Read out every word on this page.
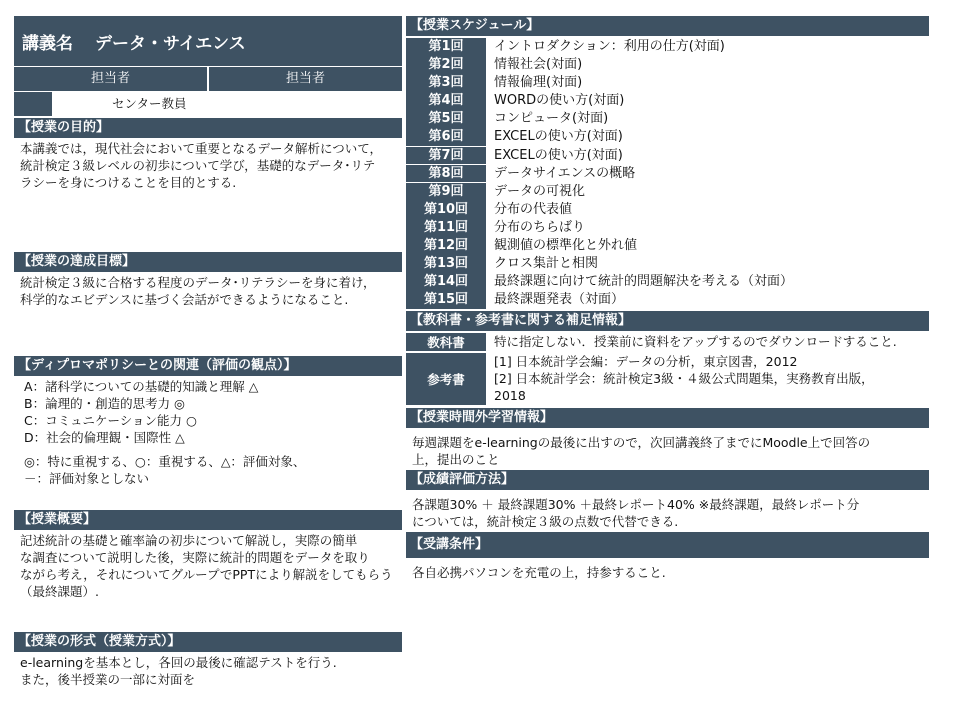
講義名 データ・サイエンス
担当者	担当者
センター教員
【授業の目的】
本講義では，現代社会において重要となるデータ解析について，
統計検定３級レベルの初歩について学び，基礎的なデータ･リテ
ラシーを身につけることを目的とする.
【授業の達成目標】
統計検定３級に合格する程度のデータ･リテラシーを身に着け，
科学的なエビデンスに基づく会話ができるようになること.
【ディプロマポリシーとの関連（評価の観点）】
A：諸科学についての基礎的知識と理解 △
B：論理的・創造的思考力 ◎
C：コミュニケーション能力 ○
D：社会的倫理観・国際性 △
◎：特に重視する、○：重視する、△：評価対象、
－：評価対象としない
【授業概要】
記述統計の基礎と確率論の初歩について解説し，実際の簡単
な調査について説明した後，実際に統計的問題をデータを取り
ながら考え，それについてグループでPPTにより解説をしてもらう
（最終課題）.
【授業の形式（授業方式）】
e-learningを基本とし，各回の最後に確認テストを行う.
また，後半授業の一部に対面を
【授業スケジュール】
第1回	イントロダクション：利用の仕方(対面)
第2回	情報社会(対面)
第3回	情報倫理(対面)
第4回	WORDの使い方(対面)
第5回	コンピュータ(対面)
第6回	EXCELの使い方(対面)
第7回	EXCELの使い方(対面)
第8回	データサイエンスの概略
第9回	データの可視化
第10回	分布の代表値
第11回	分布のちらばり
第12回	観測値の標準化と外れ値
第13回	クロス集計と相関
第14回	最終課題に向けて統計的問題解決を考える（対面）
第15回	最終課題発表（対面）
【教科書・参考書に関する補足情報】
教科書	特に指定しない．授業前に資料をアップするのでダウンロードすること.
参考書
[1] 日本統計学会編：データの分析，東京図書，2012
[2] 日本統計学会：統計検定3級・４級公式問題集，実務教育出版，
2018
【授業時間外学習情報】
毎週課題をe-learningの最後に出すので，次回講義終了までにMoodle上で回答の
上，提出のこと
【成績評価方法】
各課題30% ＋ 最終課題30% ＋最終レポート40% ※最終課題，最終レポート分
については，統計検定３級の点数で代替できる.
【受講条件】
各自必携パソコンを充電の上，持参すること.
